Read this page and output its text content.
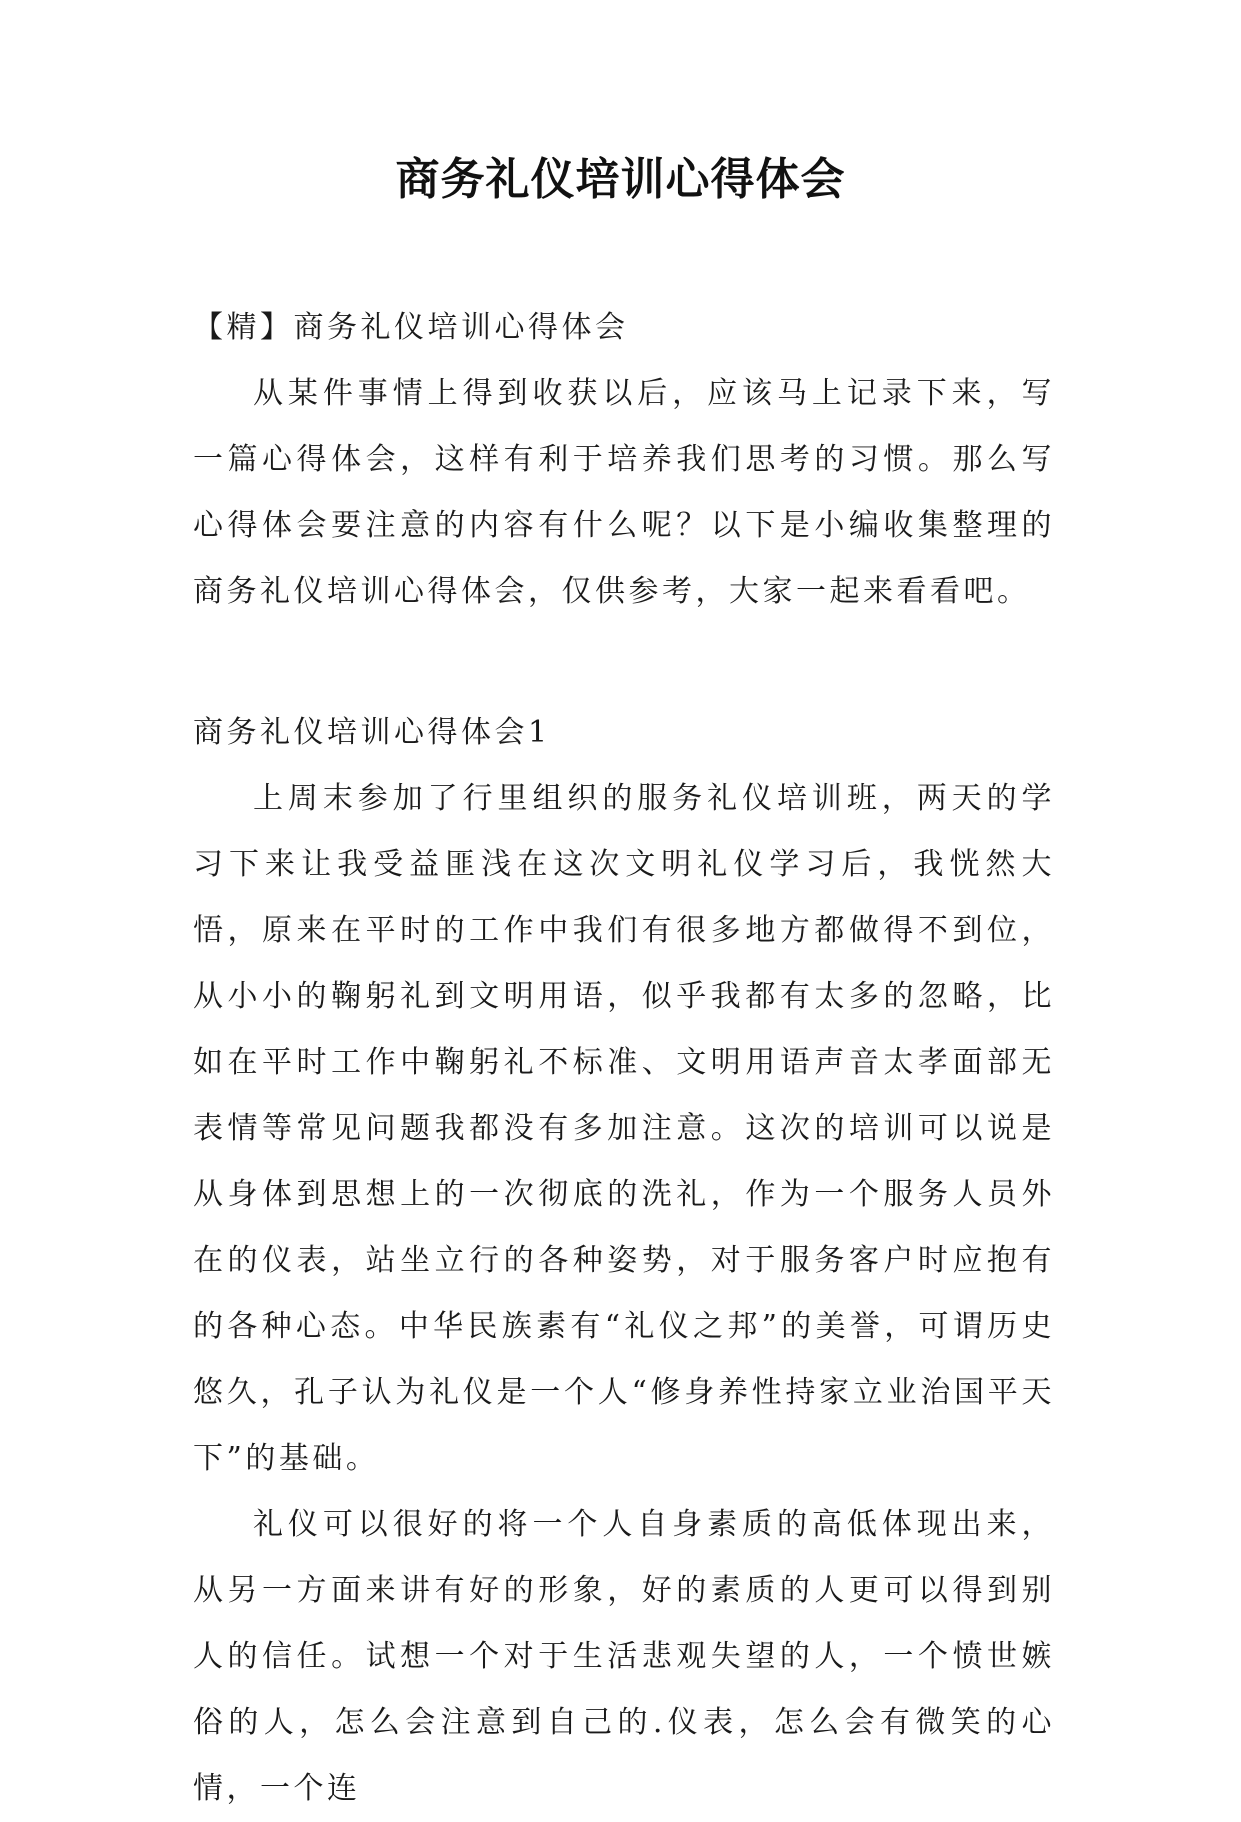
商务礼仪培训心得体会

【精】商务礼仪培训心得体会

从某件事情上得到收获以后，应该马上记录下来，写一篇心得体会，这样有利于培养我们思考的习惯。那么写心得体会要注意的内容有什么呢？以下是小编收集整理的商务礼仪培训心得体会，仅供参考，大家一起来看看吧。

商务礼仪培训心得体会1

上周末参加了行里组织的服务礼仪培训班，两天的学习下来让我受益匪浅在这次文明礼仪学习后，我恍然大悟，原来在平时的工作中我们有很多地方都做得不到位，从小小的鞠躬礼到文明用语，似乎我都有太多的忽略，比如在平时工作中鞠躬礼不标准、文明用语声音太孝面部无表情等常见问题我都没有多加注意。这次的培训可以说是从身体到思想上的一次彻底的洗礼，作为一个服务人员外在的仪表，站坐立行的各种姿势，对于服务客户时应抱有的各种心态。中华民族素有“礼仪之邦”的美誉，可谓历史悠久，孔子认为礼仪是一个人“修身养性持家立业治国平天下”的基础。

礼仪可以很好的将一个人自身素质的高低体现出来，从另一方面来讲有好的形象，好的素质的人更可以得到别人的信任。试想一个对于生活悲观失望的人，一个愤世嫉俗的人，怎么会注意到自己的.仪表，怎么会有微笑的心情，一个连
